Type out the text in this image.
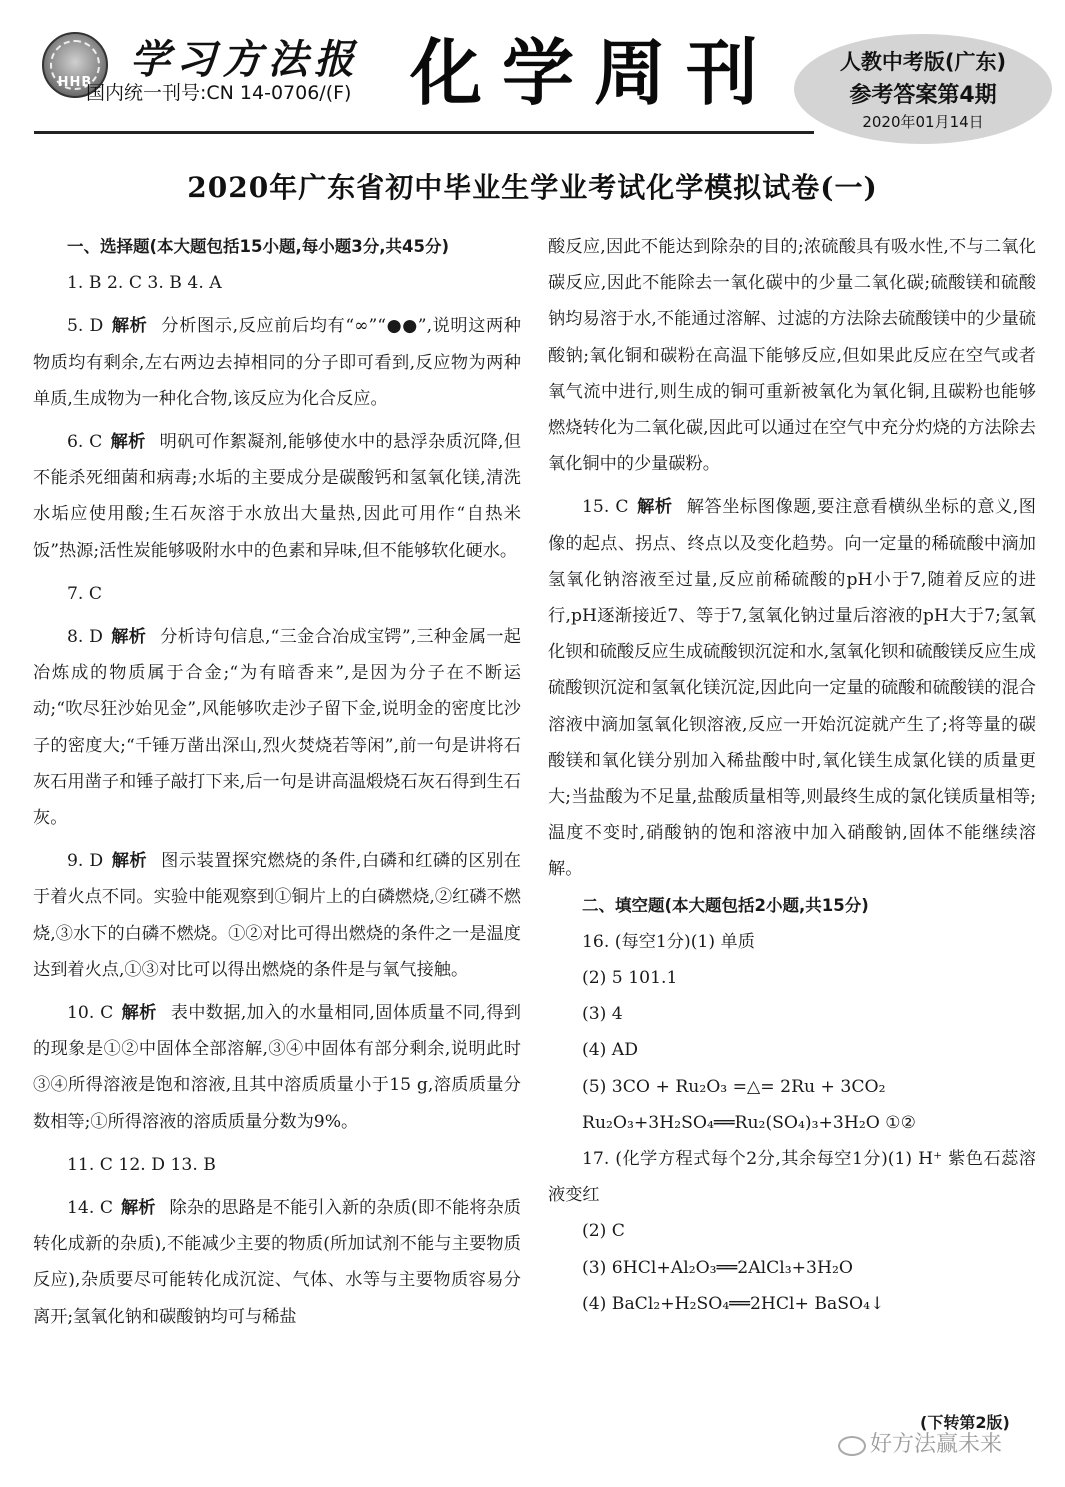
HHB 学习方法报
国内统一刊号:CN 14-0706/(F) 化学周刊	人教中考版(广东)
参考答案第4期
2020年01月14日
2020年广东省初中毕业生学业考试化学模拟试卷(一)

一、选择题(本大题包括15小题,每小题3分,共45分)

1. B 2. C 3. B 4. A

5. D 解析 分析图示,反应前后均有“∞”“●●”,说明这两种物质均有剩余,左右两边去掉相同的分子即可看到,反应物为两种单质,生成物为一种化合物,该反应为化合反应。

6. C 解析 明矾可作絮凝剂,能够使水中的悬浮杂质沉降,但不能杀死细菌和病毒;水垢的主要成分是碳酸钙和氢氧化镁,清洗水垢应使用酸;生石灰溶于水放出大量热,因此可用作“自热米饭”热源;活性炭能够吸附水中的色素和异味,但不能够软化硬水。

7. C

8. D 解析 分析诗句信息,“三金合冶成宝锷”,三种金属一起冶炼成的物质属于合金;“为有暗香来”,是因为分子在不断运动;“吹尽狂沙始见金”,风能够吹走沙子留下金,说明金的密度比沙子的密度大;“千锤万凿出深山,烈火焚烧若等闲”,前一句是讲将石灰石用凿子和锤子敲打下来,后一句是讲高温煅烧石灰石得到生石灰。

9. D 解析 图示装置探究燃烧的条件,白磷和红磷的区别在于着火点不同。实验中能观察到①铜片上的白磷燃烧,②红磷不燃烧,③水下的白磷不燃烧。①②对比可得出燃烧的条件之一是温度达到着火点,①③对比可以得出燃烧的条件是与氧气接触。

10. C 解析 表中数据,加入的水量相同,固体质量不同,得到的现象是①②中固体全部溶解,③④中固体有部分剩余,说明此时③④所得溶液是饱和溶液,且其中溶质质量小于15 g,溶质质量分数相等;①所得溶液的溶质质量分数为9%。

11. C 12. D 13. B

14. C 解析 除杂的思路是不能引入新的杂质(即不能将杂质转化成新的杂质),不能减少主要的物质(所加试剂不能与主要物质反应),杂质要尽可能转化成沉淀、气体、水等与主要物质容易分离开;氢氧化钠和碳酸钠均可与稀盐

酸反应,因此不能达到除杂的目的;浓硫酸具有吸水性,不与二氧化碳反应,因此不能除去一氧化碳中的少量二氧化碳;硫酸镁和硫酸钠均易溶于水,不能通过溶解、过滤的方法除去硫酸镁中的少量硫酸钠;氧化铜和碳粉在高温下能够反应,但如果此反应在空气或者氧气流中进行,则生成的铜可重新被氧化为氧化铜,且碳粉也能够燃烧转化为二氧化碳,因此可以通过在空气中充分灼烧的方法除去氧化铜中的少量碳粉。

15. C 解析 解答坐标图像题,要注意看横纵坐标的意义,图像的起点、拐点、终点以及变化趋势。向一定量的稀硫酸中滴加氢氧化钠溶液至过量,反应前稀硫酸的pH小于7,随着反应的进行,pH逐渐接近7、等于7,氢氧化钠过量后溶液的pH大于7;氢氧化钡和硫酸反应生成硫酸钡沉淀和水,氢氧化钡和硫酸镁反应生成硫酸钡沉淀和氢氧化镁沉淀,因此向一定量的硫酸和硫酸镁的混合溶液中滴加氢氧化钡溶液,反应一开始沉淀就产生了;将等量的碳酸镁和氧化镁分别加入稀盐酸中时,氧化镁生成氯化镁的质量更大;当盐酸为不足量,盐酸质量相等,则最终生成的氯化镁质量相等;温度不变时,硝酸钠的饱和溶液中加入硝酸钠,固体不能继续溶解。

二、填空题(本大题包括2小题,共15分)

16. (每空1分)(1) 单质

(2) 5 101.1

(3) 4

(4) AD

(5) 3CO + Ru₂O₃ =△= 2Ru + 3CO₂

Ru₂O₃+3H₂SO₄══Ru₂(SO₄)₃+3H₂O ①②

17. (化学方程式每个2分,其余每空1分)(1) H⁺ 紫色石蕊溶液变红

(2) C

(3) 6HCl+Al₂O₃══2AlCl₃+3H₂O

(4) BaCl₂+H₂SO₄══2HCl+ BaSO₄↓

(下转第2版)
好方法赢未来
